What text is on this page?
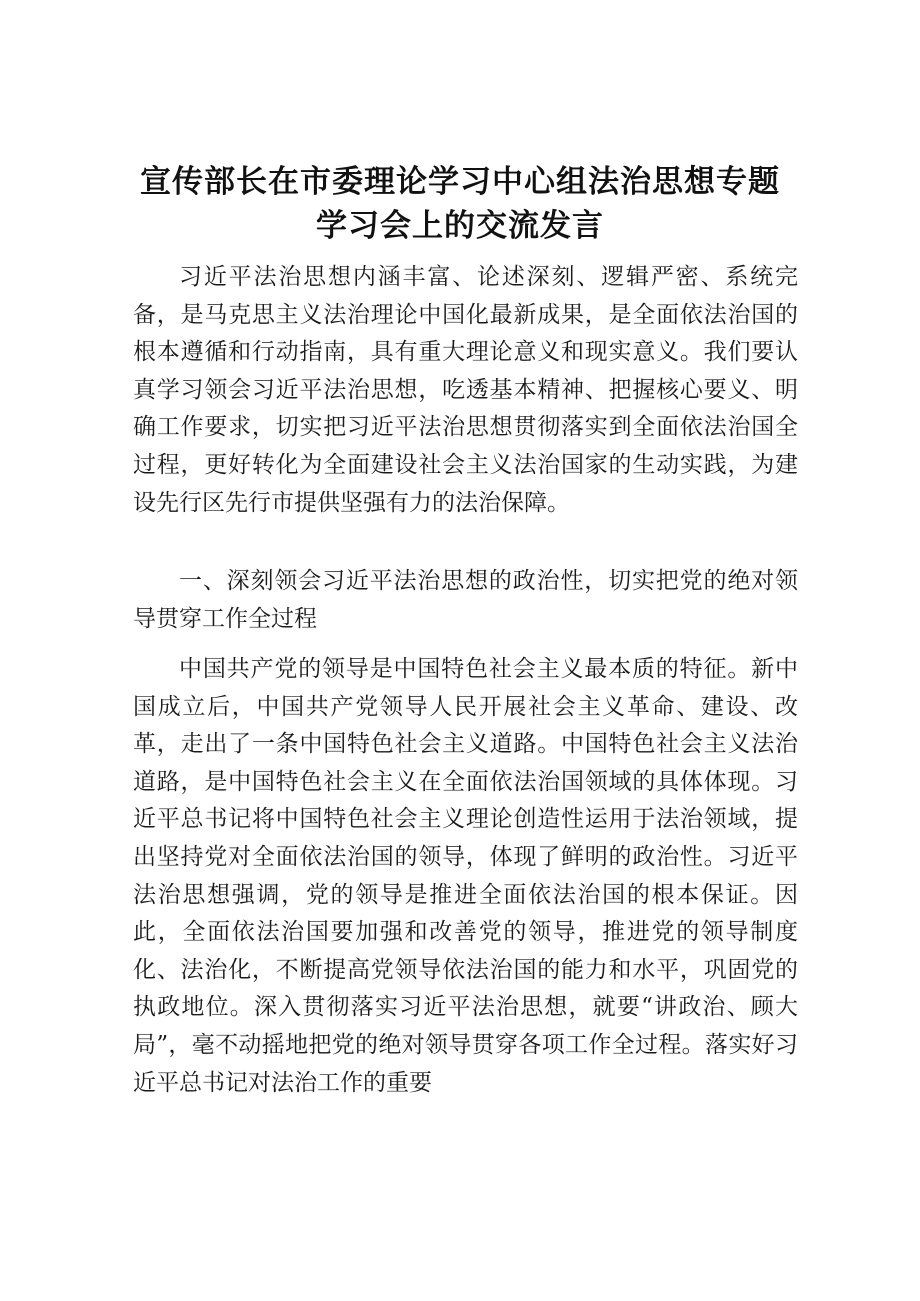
宣传部长在市委理论学习中心组法治思想专题
学习会上的交流发言

习近平法治思想内涵丰富、论述深刻、逻辑严密、系统完备，是马克思主义法治理论中国化最新成果，是全面依法治国的根本遵循和行动指南，具有重大理论意义和现实意义。我们要认真学习领会习近平法治思想，吃透基本精神、把握核心要义、明确工作要求，切实把习近平法治思想贯彻落实到全面依法治国全过程，更好转化为全面建设社会主义法治国家的生动实践，为建设先行区先行市提供坚强有力的法治保障。

一、深刻领会习近平法治思想的政治性，切实把党的绝对领导贯穿工作全过程

中国共产党的领导是中国特色社会主义最本质的特征。新中国成立后，中国共产党领导人民开展社会主义革命、建设、改革，走出了一条中国特色社会主义道路。中国特色社会主义法治道路，是中国特色社会主义在全面依法治国领域的具体体现。习近平总书记将中国特色社会主义理论创造性运用于法治领域，提出坚持党对全面依法治国的领导，体现了鲜明的政治性。习近平法治思想强调，党的领导是推进全面依法治国的根本保证。因此，全面依法治国要加强和改善党的领导，推进党的领导制度化、法治化，不断提高党领导依法治国的能力和水平，巩固党的执政地位。深入贯彻落实习近平法治思想，就要“讲政治、顾大局”，毫不动摇地把党的绝对领导贯穿各项工作全过程。落实好习近平总书记对法治工作的重要
